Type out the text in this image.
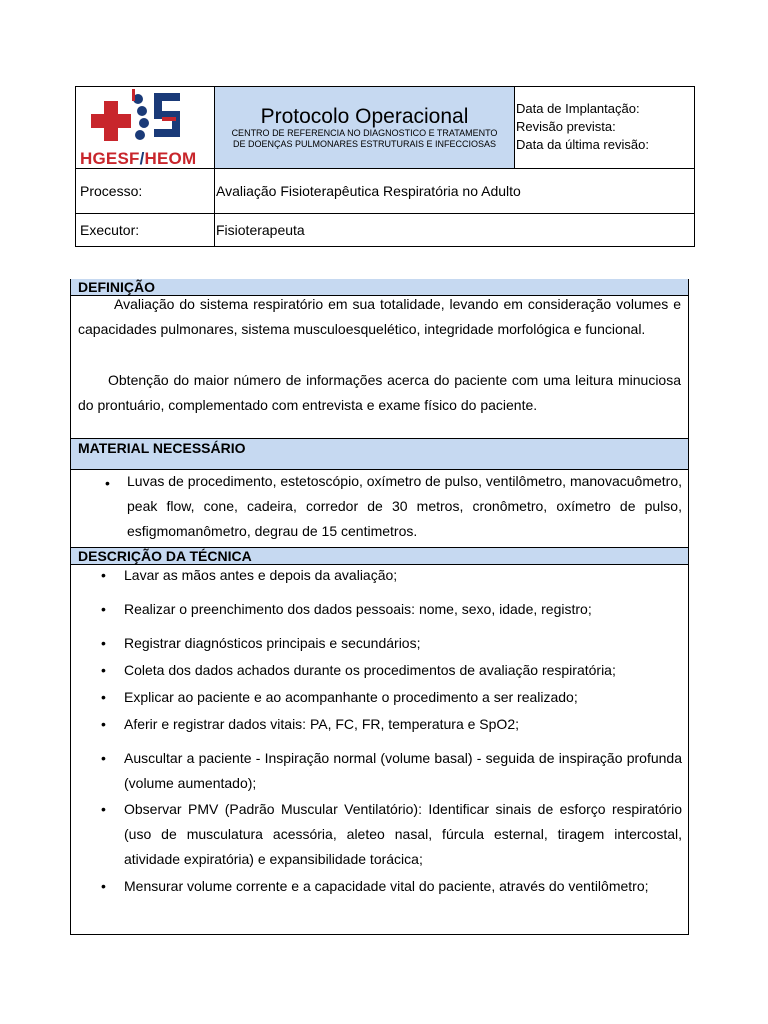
HGESF/HEOM
Protocolo Operacional
CENTRO DE REFERENCIA NO DIAGNOSTICO E TRATAMENTO
DE DOENÇAS PULMONARES ESTRUTURAIS E INFECCIOSAS
Data de Implantação:
Revisão prevista:
Data da última revisão:
Processo:	Avaliação Fisioterapêutica Respiratória no Adulto
Executor:	Fisioterapeuta
DEFINIÇÃO
Avaliação do sistema respiratório em sua totalidade, levando em consideração volumes e capacidades pulmonares, sistema musculoesquelético, integridade morfológica e funcional.
Obtenção do maior número de informações acerca do paciente com uma leitura minuciosa do prontuário, complementado com entrevista e exame físico do paciente.
MATERIAL NECESSÁRIO
• Luvas de procedimento, estetoscópio, oxímetro de pulso, ventilômetro, manovacuômetro, peak flow, cone, cadeira, corredor de 30 metros, cronômetro, oxímetro de pulso, esfigmomanômetro, degrau de 15 centimetros.
DESCRIÇÃO DA TÉCNICA
• Lavar as mãos antes e depois da avaliação;
• Realizar o preenchimento dos dados pessoais: nome, sexo, idade, registro;
• Registrar diagnósticos principais e secundários;
• Coleta dos dados achados durante os procedimentos de avaliação respiratória;
• Explicar ao paciente e ao acompanhante o procedimento a ser realizado;
• Aferir e registrar dados vitais: PA, FC, FR, temperatura e SpO2;
• Auscultar a paciente - Inspiração normal (volume basal) - seguida de inspiração profunda (volume aumentado);
• Observar PMV (Padrão Muscular Ventilatório): Identificar sinais de esforço respiratório (uso de musculatura acessória, aleteo nasal, fúrcula esternal, tiragem intercostal, atividade expiratória) e expansibilidade torácica;
• Mensurar volume corrente e a capacidade vital do paciente, através do ventilômetro;
